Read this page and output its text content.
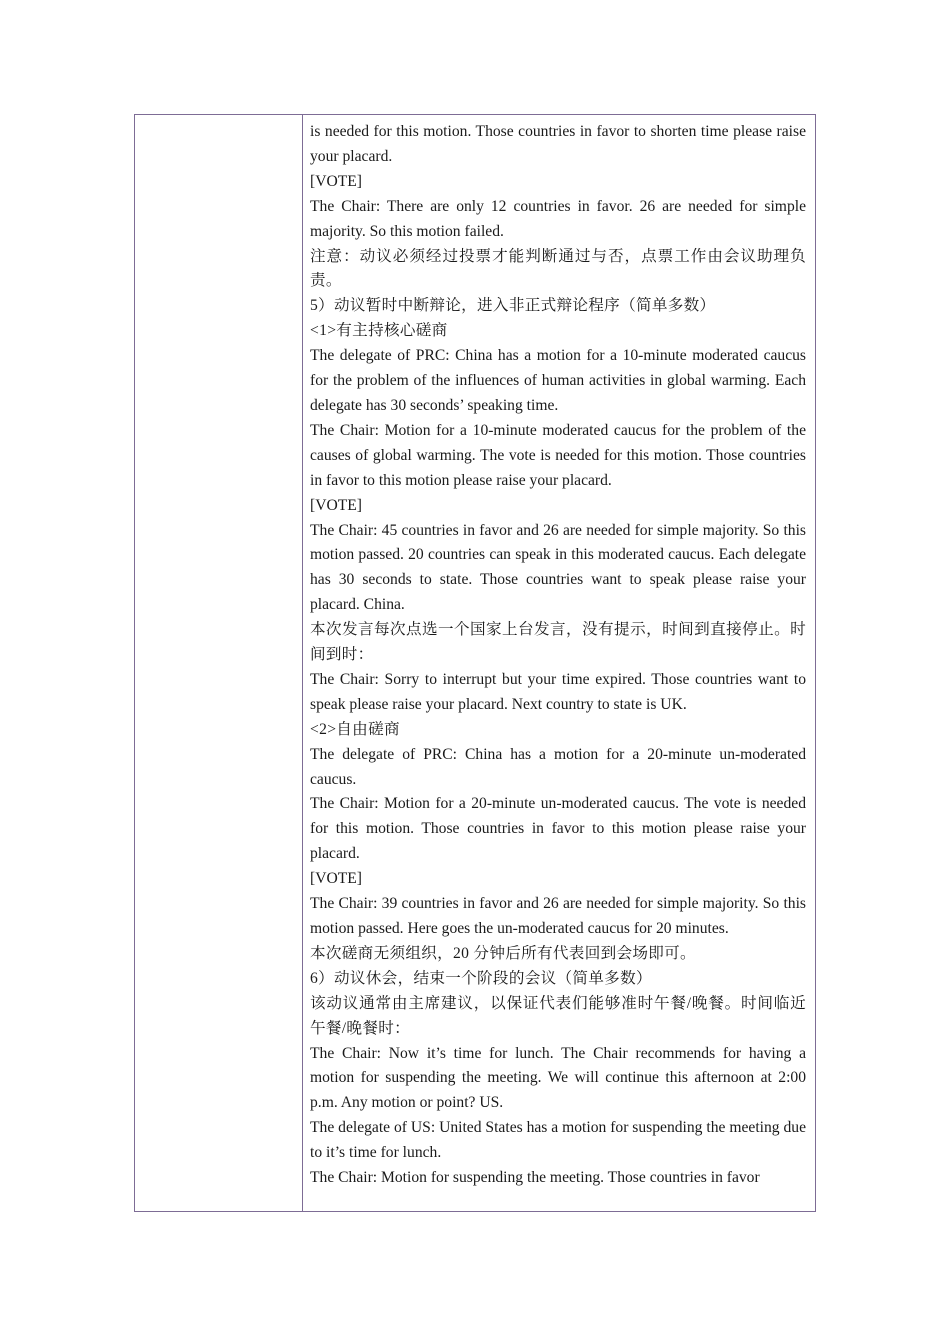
is needed for this motion. Those countries in favor to shorten time please raise your placard.

[VOTE]

The Chair: There are only 12 countries in favor. 26 are needed for simple majority. So this motion failed.

注意：动议必须经过投票才能判断通过与否，点票工作由会议助理负责。

5）动议暂时中断辩论，进入非正式辩论程序（简单多数）

<1>有主持核心磋商

The delegate of PRC: China has a motion for a 10-minute moderated caucus for the problem of the influences of human activities in global warming. Each delegate has 30 seconds’ speaking time.

The Chair: Motion for a 10-minute moderated caucus for the problem of the causes of global warming. The vote is needed for this motion. Those countries in favor to this motion please raise your placard.

[VOTE]

The Chair: 45 countries in favor and 26 are needed for simple majority. So this motion passed. 20 countries can speak in this moderated caucus. Each delegate has 30 seconds to state. Those countries want to speak please raise your placard. China.

本次发言每次点选一个国家上台发言，没有提示，时间到直接停止。时间到时：

The Chair: Sorry to interrupt but your time expired. Those countries want to speak please raise your placard. Next country to state is UK.

<2>自由磋商

The delegate of PRC: China has a motion for a 20-minute un-moderated caucus.

The Chair: Motion for a 20-minute un-moderated caucus. The vote is needed for this motion. Those countries in favor to this motion please raise your placard.

[VOTE]

The Chair: 39 countries in favor and 26 are needed for simple majority. So this motion passed. Here goes the un-moderated caucus for 20 minutes.

本次磋商无须组织，20 分钟后所有代表回到会场即可。

6）动议休会，结束一个阶段的会议（简单多数）

该动议通常由主席建议，以保证代表们能够准时午餐/晚餐。时间临近午餐/晚餐时：

The Chair: Now it’s time for lunch. The Chair recommends for having a motion for suspending the meeting. We will continue this afternoon at 2:00 p.m. Any motion or point? US.

The delegate of US: United States has a motion for suspending the meeting due to it’s time for lunch.

The Chair: Motion for suspending the meeting. Those countries in favor
